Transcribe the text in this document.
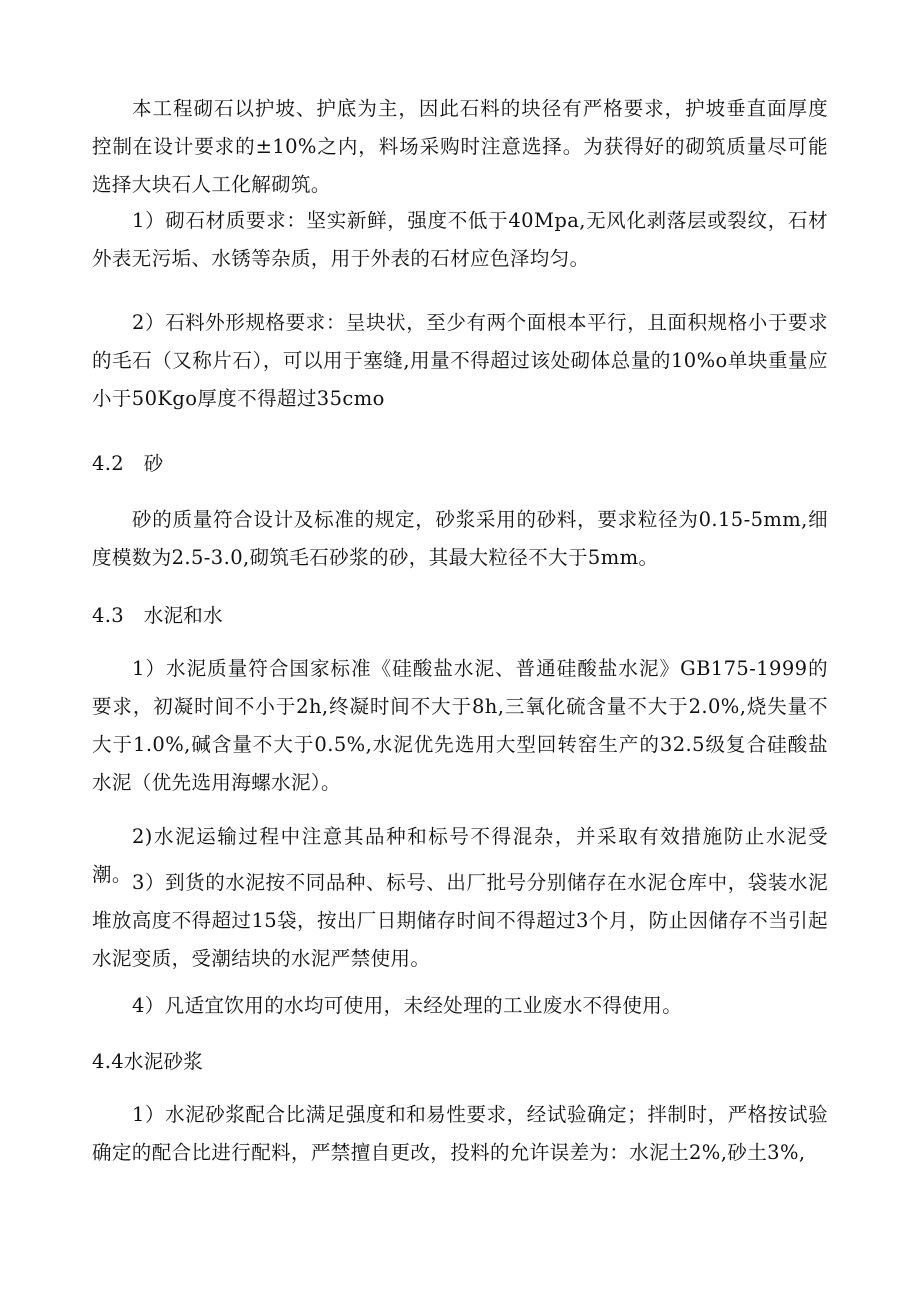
本工程砌石以护坡、护底为主，因此石料的块径有严格要求，护坡垂直面厚度控制在设计要求的±10%之内，料场采购时注意选择。为获得好的砌筑质量尽可能选择大块石人工化解砌筑。

1）砌石材质要求：坚实新鲜，强度不低于40Mpa,无风化剥落层或裂纹，石材外表无污垢、水锈等杂质，用于外表的石材应色泽均匀。

2）石料外形规格要求：呈块状，至少有两个面根本平行，且面积规格小于要求的毛石（又称片石），可以用于塞缝,用量不得超过该处砌体总量的10%o单块重量应小于50Kgo厚度不得超过35cmo

4.2　砂

砂的质量符合设计及标准的规定，砂浆采用的砂料，要求粒径为0.15-5mm,细度模数为2.5-3.0,砌筑毛石砂浆的砂，其最大粒径不大于5mm。

4.3　水泥和水

1）水泥质量符合国家标准《硅酸盐水泥、普通硅酸盐水泥》GB175-1999的要求，初凝时间不小于2h,终凝时间不大于8h,三氧化硫含量不大于2.0%,烧失量不大于1.0%,碱含量不大于0.5%,水泥优先选用大型回转窑生产的32.5级复合硅酸盐水泥（优先选用海螺水泥）。

2)水泥运输过程中注意其品种和标号不得混杂，并采取有效措施防止水泥受潮。 3）到货的水泥按不同品种、标号、出厂批号分别储存在水泥仓库中，袋装水泥堆放高度不得超过15袋，按出厂日期储存时间不得超过3个月，防止因储存不当引起水泥变质，受潮结块的水泥严禁使用。

4）凡适宜饮用的水均可使用，未经处理的工业废水不得使用。

4.4水泥砂浆

1）水泥砂浆配合比满足强度和和易性要求，经试验确定；拌制时，严格按试验确定的配合比进行配料，严禁擅自更改，投料的允许误差为：水泥土2%,砂土3%,
